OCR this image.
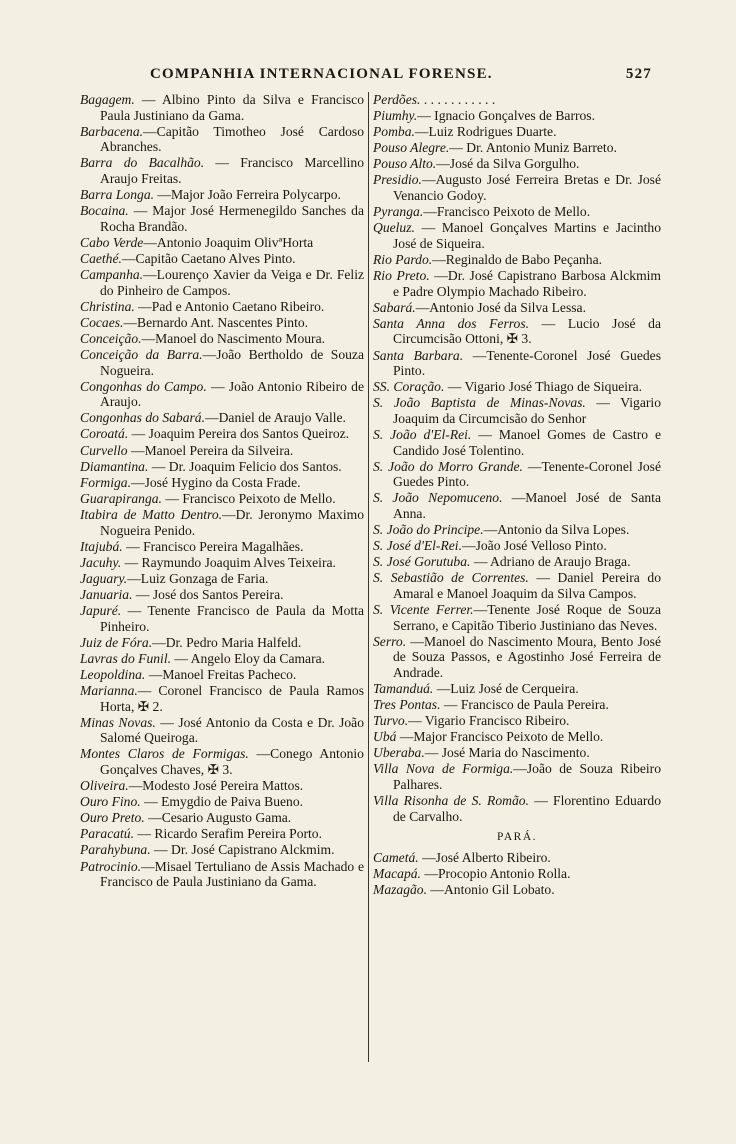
COMPANHIA INTERNACIONAL FORENSE.	527
Bagagem. — Albino Pinto da Silva e Francisco Paula Justiniano da Gama.
Barbacena.—Capitão Timotheo José Cardoso Abranches.
Barra do Bacalhão. — Francisco Marcellino Araujo Freitas.
Barra Longa. —Major João Ferreira Polycarpo.
Bocaina. — Major José Hermenegildo Sanches da Rocha Brandão.
Cabo Verde—Antonio Joaquim OlivªHorta
Caethé.—Capitão Caetano Alves Pinto.
Campanha.—Lourenço Xavier da Veiga e Dr. Feliz do Pinheiro de Campos.
Christina. —Pad e Antonio Caetano Ribeiro.
Cocaes.—Bernardo Ant. Nascentes Pinto.
Conceição.—Manoel do Nascimento Moura.
Conceição da Barra.—João Bertholdo de Souza Nogueira.
Congonhas do Campo. — João Antonio Ribeiro de Araujo.
Congonhas do Sabará.—Daniel de Araujo Valle.
Coroatá. — Joaquim Pereira dos Santos Queiroz.
Curvello —Manoel Pereira da Silveira.
Diamantina. — Dr. Joaquim Felicio dos Santos.
Formiga.—José Hygino da Costa Frade.
Guarapiranga. — Francisco Peixoto de Mello.
Itabira de Matto Dentro.—Dr. Jeronymo Maximo Nogueira Penido.
Itajubá. — Francisco Pereira Magalhães.
Jacuhy. — Raymundo Joaquim Alves Teixeira.
Jaguary.—Luiz Gonzaga de Faria.
Januaria. — José dos Santos Pereira.
Japuré. — Tenente Francisco de Paula da Motta Pinheiro.
Juiz de Fóra.—Dr. Pedro Maria Halfeld.
Lavras do Funil. — Angelo Eloy da Camara.
Leopoldina. —Manoel Freitas Pacheco.
Marianna.— Coronel Francisco de Paula Ramos Horta, ✠ 2.
Minas Novas. — José Antonio da Costa e Dr. João Salomé Queiroga.
Montes Claros de Formigas. —Conego Antonio Gonçalves Chaves, ✠ 3.
Oliveira.—Modesto José Pereira Mattos.
Ouro Fino. — Emygdio de Paiva Bueno.
Ouro Preto. —Cesario Augusto Gama.
Paracatú. — Ricardo Serafim Pereira Porto.
Parahybuna. — Dr. José Capistrano Alckmim.
Patrocinio.—Misael Tertuliano de Assis Machado e Francisco de Paula Justiniano da Gama.
Perdões. . . . . . . . . . . .
Piumhy.— Ignacio Gonçalves de Barros.
Pomba.—Luiz Rodrigues Duarte.
Pouso Alegre.— Dr. Antonio Muniz Barreto.
Pouso Alto.—José da Silva Gorgulho.
Presidio.—Augusto José Ferreira Bretas e Dr. José Venancio Godoy.
Pyranga.—Francisco Peixoto de Mello.
Queluz. — Manoel Gonçalves Martins e Jacintho José de Siqueira.
Rio Pardo.—Reginaldo de Babo Peçanha.
Rio Preto. —Dr. José Capistrano Barbosa Alckmim e Padre Olympio Machado Ribeiro.
Sabará.—Antonio José da Silva Lessa.
Santa Anna dos Ferros. — Lucio José da Circumcisão Ottoni, ✠ 3.
Santa Barbara. —Tenente-Coronel José Guedes Pinto.
SS. Coração. — Vigario José Thiago de Siqueira.
S. João Baptista de Minas-Novas. — Vigario Joaquim da Circumcisão do Senhor
S. João d'El-Rei. — Manoel Gomes de Castro e Candido José Tolentino.
S. João do Morro Grande. —Tenente-Coronel José Guedes Pinto.
S. João Nepomuceno. —Manoel José de Santa Anna.
S. João do Principe.—Antonio da Silva Lopes.
S. José d'El-Rei.—João José Velloso Pinto.
S. José Gorutuba. — Adriano de Araujo Braga.
S. Sebastião de Correntes. — Daniel Pereira do Amaral e Manoel Joaquim da Silva Campos.
S. Vicente Ferrer.—Tenente José Roque de Souza Serrano, e Capitão Tiberio Justiniano das Neves.
Serro. —Manoel do Nascimento Moura, Bento José de Souza Passos, e Agostinho José Ferreira de Andrade.
Tamanduá. —Luiz José de Cerqueira.
Tres Pontas. — Francisco de Paula Pereira.
Turvo.— Vigario Francisco Ribeiro.
Ubá —Major Francisco Peixoto de Mello.
Uberaba.— José Maria do Nascimento.
Villa Nova de Formiga.—João de Souza Ribeiro Palhares.
Villa Risonha de S. Romão. — Florentino Eduardo de Carvalho.
PARÁ.
Cametá. —José Alberto Ribeiro.
Macapá. —Procopio Antonio Rolla.
Mazagão. —Antonio Gil Lobato.
